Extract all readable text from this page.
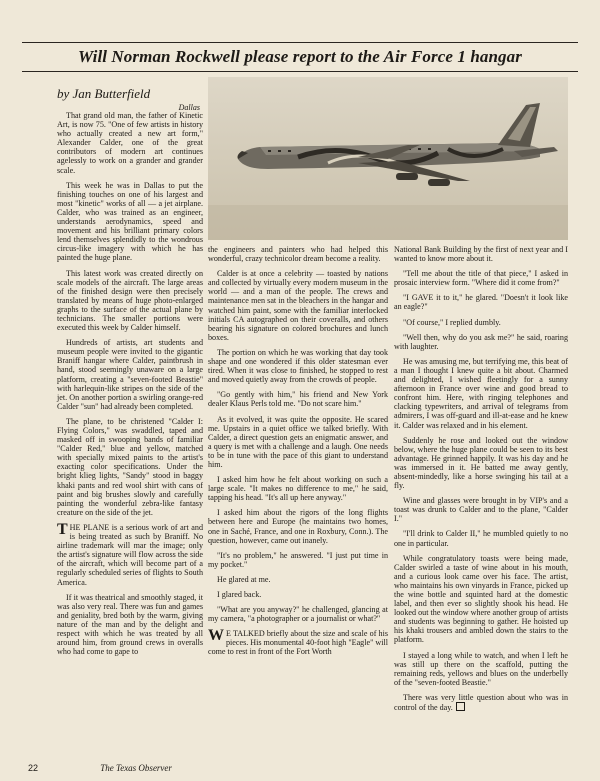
Will Norman Rockwell please report to the Air Force 1 hangar
by Jan Butterfield
Dallas

That grand old man, the father of Kinetic Art, is now 75. "One of few artists in history who actually created a new art form," Alexander Calder, one of the great contributors of modern art continues agelessly to work on a grander and grander scale.

This week he was in Dallas to put the finishing touches on one of his largest and most "kinetic" works of all — a jet airplane. Calder, who was trained as an engineer, understands aerodynamics, speed and movement and his brilliant primary colors lend themselves splendidly to the wondrous circus-like imagery with which he has painted the huge plane.

This latest work was created directly on scale models of the aircraft. The large areas of the finished design were then precisely translated by means of huge photo-enlarged graphs to the surface of the actual plane by technicians. The smaller portions were executed this week by Calder himself.

Hundreds of artists, art students and museum people were invited to the gigantic Braniff hangar where Calder, paintbrush in hand, stood seemingly unaware on a large platform, creating a "seven-footed Beastie" with harlequin-like stripes on the side of the jet. On another portion a swirling orange-red Calder "sun" had already been completed.

The plane, to be christened "Calder I: Flying Colors," was swaddled, taped and masked off in swooping bands of familiar "Calder Red," blue and yellow, matched with specially mixed paints to the artist's exacting color specifications. Under the bright klieg lights, "Sandy" stood in baggy khaki pants and red wool shirt with cans of paint and big brushes slowly and carefully painting the wonderful zebra-like fantasy creature on the side of the jet.

THE PLANE is a serious work of art and is being treated as such by Braniff. No airline trademark will mar the image; only the artist's signature will flow across the side of the aircraft, which will become part of a regularly scheduled series of flights to South America.

If it was theatrical and smoothly staged, it was also very real. There was fun and games and geniality, bred both by the warm, giving nature of the man and by the delight and respect with which he was treated by all around him, from ground crews in overalls who had come to gape to

the engineers and painters who had helped this wonderful, crazy technicolor dream become a reality.

Calder is at once a celebrity — toasted by nations and collected by virtually every modern museum in the world — and a man of the people. The crews and maintenance men sat in the bleachers in the hangar and watched him paint, some with the familiar interlocked initials CA autographed on their coveralls, and others bearing his signature on colored brochures and lunch boxes.

The portion on which he was working that day took shape and one wondered if this older statesman ever tired. When it was close to finished, he stopped to rest and moved quietly away from the crowds of people.

"Go gently with him," his friend and New York dealer Klaus Perls told me. "Do not scare him."

As it evolved, it was quite the opposite. He scared me. Upstairs in a quiet office we talked briefly. With Calder, a direct question gets an enigmatic answer, and a query is met with a challenge and a laugh. One needs to be in tune with the pace of this giant to understand him.

I asked him how he felt about working on such a large scale. "It makes no difference to me," he said, tapping his head. "It's all up here anyway."

I asked him about the rigors of the long flights between here and Europe (he maintains two homes, one in Saché, France, and one in Roxbury, Conn.). The question, however, came out inanely.

"It's no problem," he answered. "I just put time in my pocket."

He glared at me.

I glared back.

"What are you anyway?" he challenged, glancing at my camera, "a photographer or a journalist or what?"

W E TALKED briefly about the size and scale of his pieces. His monumental 40-foot high "Eagle" will come to rest in front of the Fort Worth

National Bank Building by the first of next year and I wanted to know more about it.

"Tell me about the title of that piece," I asked in prosaic interview form. "Where did it come from?"

"I GAVE it to it," he glared. "Doesn't it look like an eagle?"

"Of course," I replied dumbly.

"Well then, why do you ask me?" he said, roaring with laughter.

He was amusing me, but terrifying me, this beat of a man I thought I knew quite a bit about. Charmed and delighted, I wished fleetingly for a sunny afternoon in France over wine and good bread to confront him. Here, with ringing telephones and clacking typewriters, and arrival of telegrams from admirers, I was off-guard and ill-at-ease and he knew it. Calder was relaxed and in his element.

Suddenly he rose and looked out the window below, where the huge plane could be seen to its best advantage. He grinned happily. It was his day and he was immersed in it. He batted me away gently, absent-mindedly, like a horse swinging his tail at a fly.

Wine and glasses were brought in by VIP's and a toast was drunk to Calder and to the plane, "Calder I."

"I'll drink to Calder II," he mumbled quietly to no one in particular.

While congratulatory toasts were being made, Calder swirled a taste of wine about in his mouth, and a curious look came over his face. The artist, who maintains his own vinyards in France, picked up the wine bottle and squinted hard at the domestic label, and then ever so slightly shook his head. He looked out the window where another group of artists and students was beginning to gather. He hoisted up his khaki trousers and ambled down the stairs to the platform.

I stayed a long while to watch, and when I left he was still up there on the scaffold, putting the remaining reds, yellows and blues on the underbelly of the "seven-footed Beastie."

There was very little question about who was in control of the day.

22	The Texas Observer
